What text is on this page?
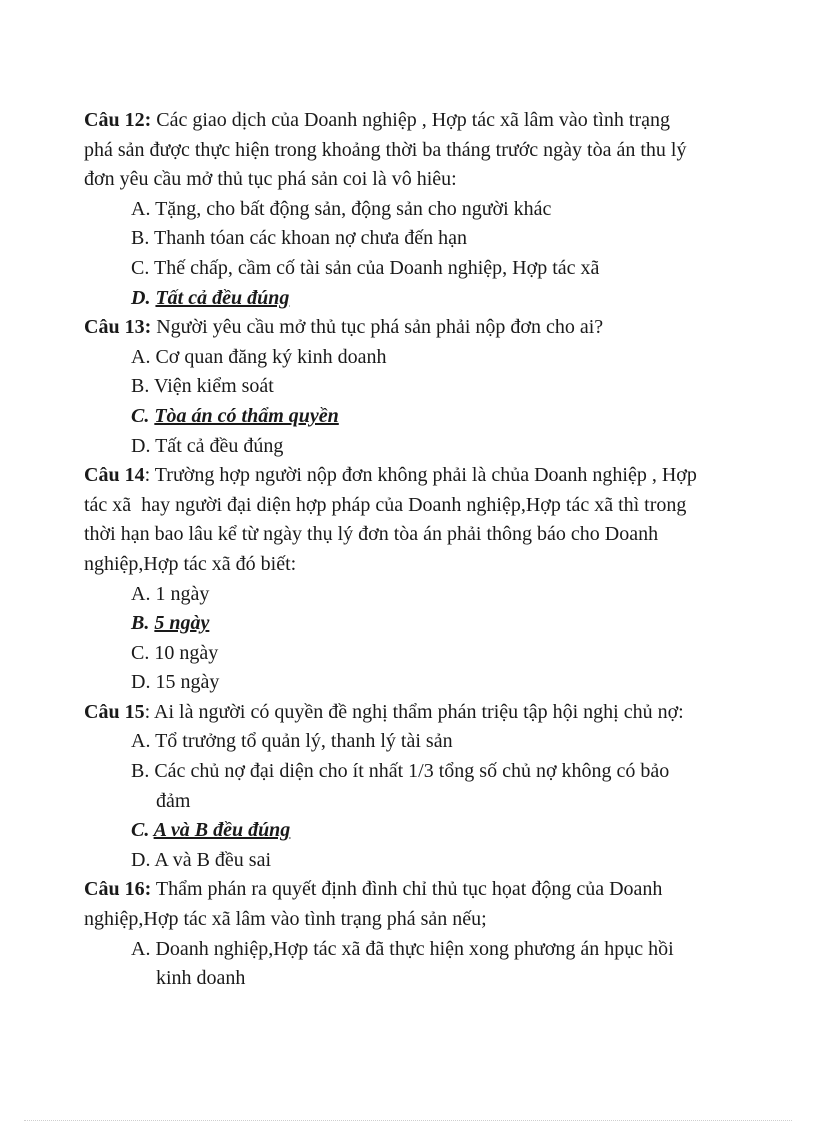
Câu 12: Các giao dịch của Doanh nghiệp , Hợp tác xã lâm vào tình trạng
phá sản được thực hiện trong khoảng thời ba tháng trước ngày tòa án thu lý
đơn yêu cầu mở thủ tục phá sản coi là vô hiêu:
A. Tặng, cho bất động sản, động sản cho người khác
B. Thanh tóan các khoan nợ chưa đến hạn
C. Thế chấp, cầm cố tài sản của Doanh nghiệp, Hợp tác xã
D. Tất cả đều đúng
Câu 13: Người yêu cầu mở thủ tục phá sản phải nộp đơn cho ai?
A. Cơ quan đăng ký kinh doanh
B. Viện kiểm soát
C. Tòa án có thẩm quyền
D. Tất cả đều đúng
Câu 14: Trường hợp người nộp đơn không phải là chủa Doanh nghiệp , Hợp
tác xã  hay người đại diện hợp pháp của Doanh nghiệp,Hợp tác xã thì trong
thời hạn bao lâu kể từ ngày thụ lý đơn tòa án phải thông báo cho Doanh
nghiệp,Hợp tác xã đó biết:
A. 1 ngày
B. 5 ngày
C. 10 ngày
D. 15 ngày
Câu 15: Ai là người có quyền đề nghị thẩm phán triệu tập hội nghị chủ nợ:
A. Tổ trưởng tổ quản lý, thanh lý tài sản
B. Các chủ nợ đại diện cho ít nhất 1/3 tổng số chủ nợ không có bảo
đảm
C. A và B đều đúng
D. A và B đều sai
Câu 16: Thẩm phán ra quyết định đình chỉ thủ tục họat động của Doanh
nghiệp,Hợp tác xã lâm vào tình trạng phá sản nếu;
A. Doanh nghiệp,Hợp tác xã đã thực hiện xong phương án hpục hồi
kinh doanh
